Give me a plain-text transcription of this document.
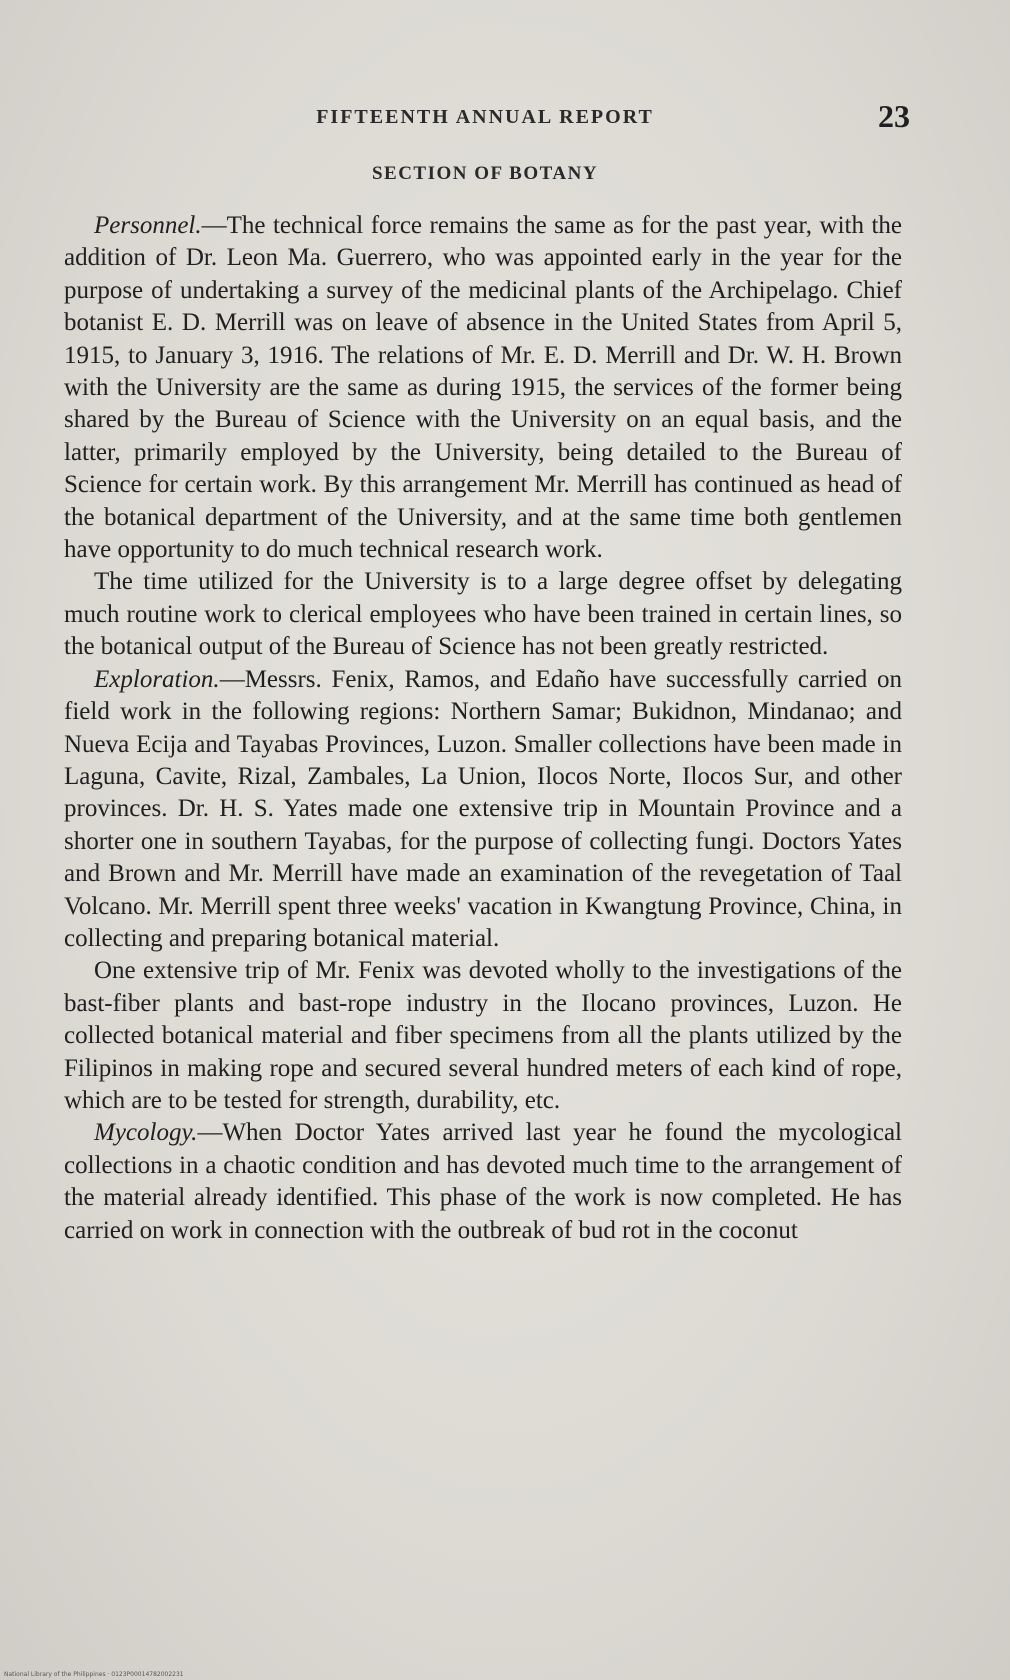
FIFTEENTH ANNUAL REPORT	23
SECTION OF BOTANY

Personnel.—The technical force remains the same as for the past year, with the addition of Dr. Leon Ma. Guerrero, who was appointed early in the year for the purpose of undertaking a survey of the medicinal plants of the Archipelago. Chief botanist E. D. Merrill was on leave of absence in the United States from April 5, 1915, to January 3, 1916. The relations of Mr. E. D. Merrill and Dr. W. H. Brown with the University are the same as during 1915, the services of the former being shared by the Bureau of Science with the University on an equal basis, and the latter, primarily employed by the University, being detailed to the Bureau of Science for certain work. By this arrangement Mr. Merrill has continued as head of the botanical department of the University, and at the same time both gentlemen have opportunity to do much technical research work.

The time utilized for the University is to a large degree offset by delegating much routine work to clerical employees who have been trained in certain lines, so the botanical output of the Bureau of Science has not been greatly restricted.

Exploration.—Messrs. Fenix, Ramos, and Edaño have successfully carried on field work in the following regions: Northern Samar; Bukidnon, Mindanao; and Nueva Ecija and Tayabas Provinces, Luzon. Smaller collections have been made in Laguna, Cavite, Rizal, Zambales, La Union, Ilocos Norte, Ilocos Sur, and other provinces. Dr. H. S. Yates made one extensive trip in Mountain Province and a shorter one in southern Tayabas, for the purpose of collecting fungi. Doctors Yates and Brown and Mr. Merrill have made an examination of the revegetation of Taal Volcano. Mr. Merrill spent three weeks' vacation in Kwangtung Province, China, in collecting and preparing botanical material.

One extensive trip of Mr. Fenix was devoted wholly to the investigations of the bast-fiber plants and bast-rope industry in the Ilocano provinces, Luzon. He collected botanical material and fiber specimens from all the plants utilized by the Filipinos in making rope and secured several hundred meters of each kind of rope, which are to be tested for strength, durability, etc.

Mycology.—When Doctor Yates arrived last year he found the mycological collections in a chaotic condition and has devoted much time to the arrangement of the material already identified. This phase of the work is now completed. He has carried on work in connection with the outbreak of bud rot in the coconut

National Library of the Philippines · 0123P00014782002231
